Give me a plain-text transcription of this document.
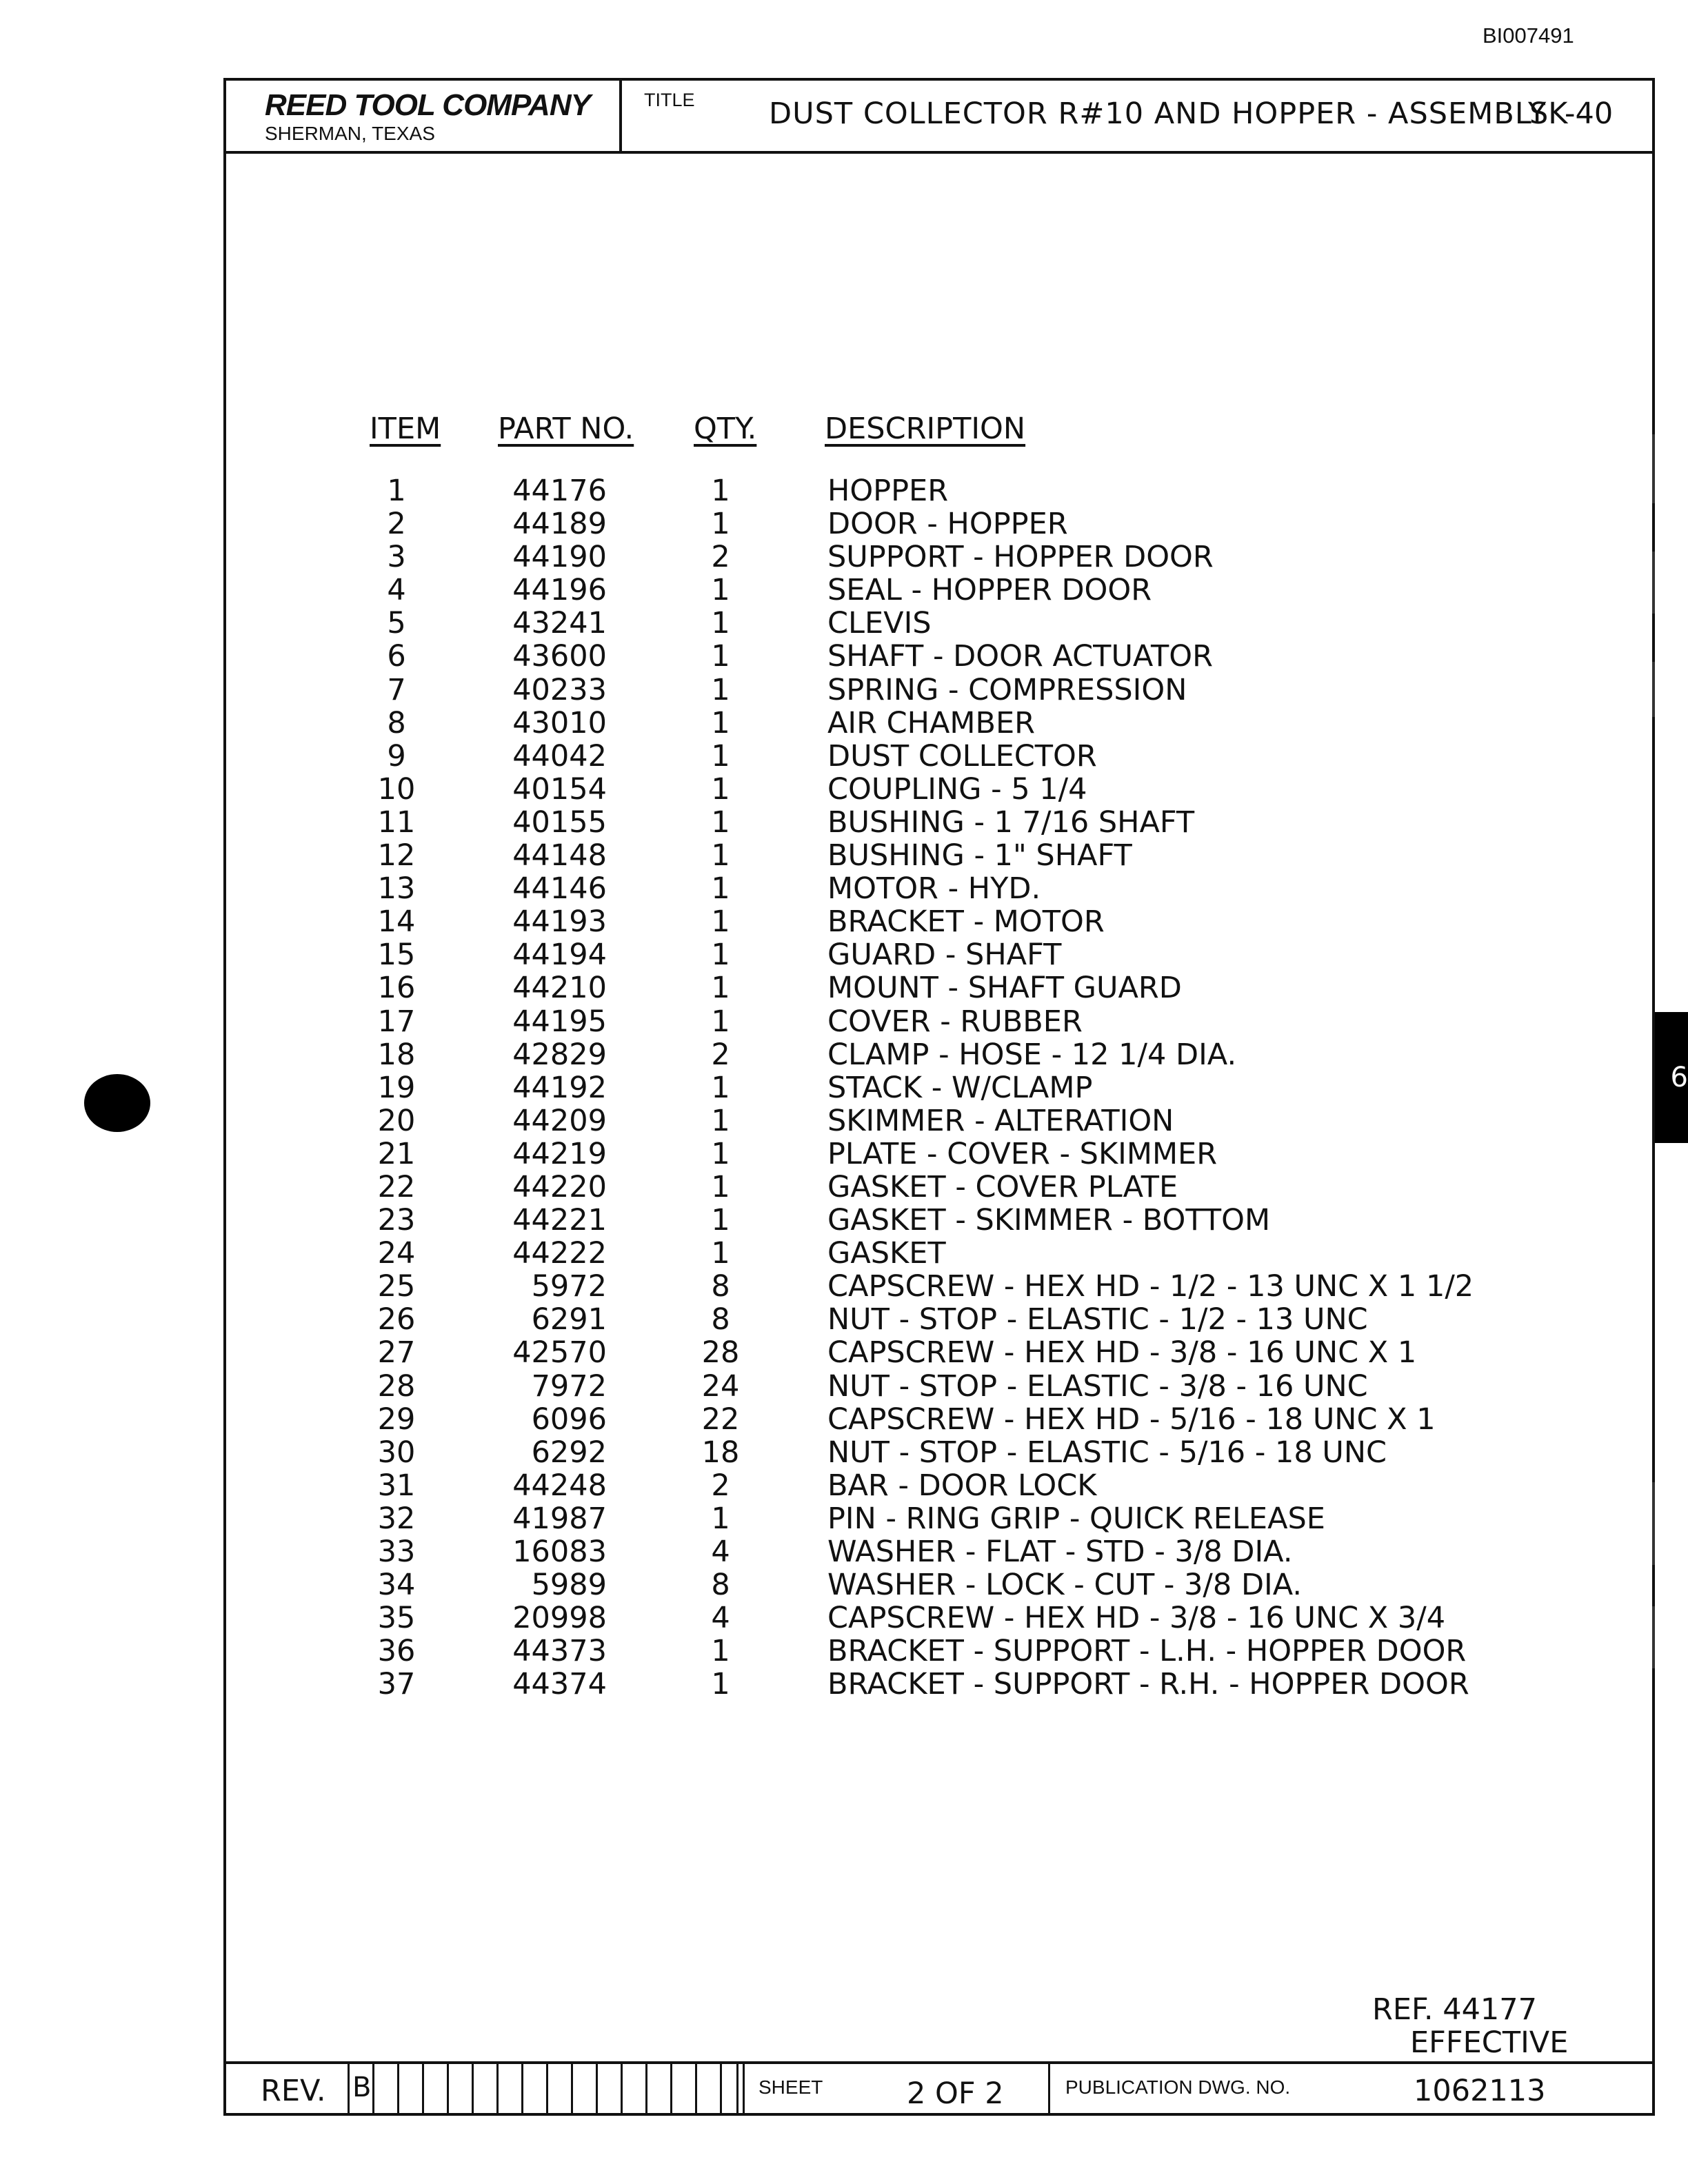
BI007491
REED TOOL COMPANY
SHERMAN, TEXAS
TITLE DUST COLLECTOR R#10 AND HOPPER - ASSEMBLY
SK-40
ITEM PART NO. QTY. DESCRIPTION
1	44176	1	HOPPER
2	44189	1	DOOR - HOPPER
3	44190	2	SUPPORT - HOPPER DOOR
4	44196	1	SEAL - HOPPER DOOR
5	43241	1	CLEVIS
6	43600	1	SHAFT - DOOR ACTUATOR
7	40233	1	SPRING - COMPRESSION
8	43010	1	AIR CHAMBER
9	44042	1	DUST COLLECTOR
10	40154	1	COUPLING - 5 1/4
11	40155	1	BUSHING - 1 7/16 SHAFT
12	44148	1	BUSHING - 1" SHAFT
13	44146	1	MOTOR - HYD.
14	44193	1	BRACKET - MOTOR
15	44194	1	GUARD - SHAFT
16	44210	1	MOUNT - SHAFT GUARD
17	44195	1	COVER - RUBBER
18	42829	2	CLAMP - HOSE - 12 1/4 DIA.
19	44192	1	STACK - W/CLAMP
20	44209	1	SKIMMER - ALTERATION
21	44219	1	PLATE - COVER - SKIMMER
22	44220	1	GASKET - COVER PLATE
23	44221	1	GASKET - SKIMMER - BOTTOM
24	44222	1	GASKET
25	5972	8	CAPSCREW - HEX HD - 1/2 - 13 UNC X 1 1/2
26	6291	8	NUT - STOP - ELASTIC - 1/2 - 13 UNC
27	42570	28	CAPSCREW - HEX HD - 3/8 - 16 UNC X 1
28	7972	24	NUT - STOP - ELASTIC - 3/8 - 16 UNC
29	6096	22	CAPSCREW - HEX HD - 5/16 - 18 UNC X 1
30	6292	18	NUT - STOP - ELASTIC - 5/16 - 18 UNC
31	44248	2	BAR - DOOR LOCK
32	41987	1	PIN - RING GRIP - QUICK RELEASE
33	16083	4	WASHER - FLAT - STD - 3/8 DIA.
34	5989	8	WASHER - LOCK - CUT - 3/8 DIA.
35	20998	4	CAPSCREW - HEX HD - 3/8 - 16 UNC X 3/4
36	44373	1	BRACKET - SUPPORT - L.H. - HOPPER DOOR
37	44374	1	BRACKET - SUPPORT - R.H. - HOPPER DOOR
REF. 44177
EFFECTIVE
REV. B	SHEET	2 OF 2	PUBLICATION DWG. NO.	1062113
6
